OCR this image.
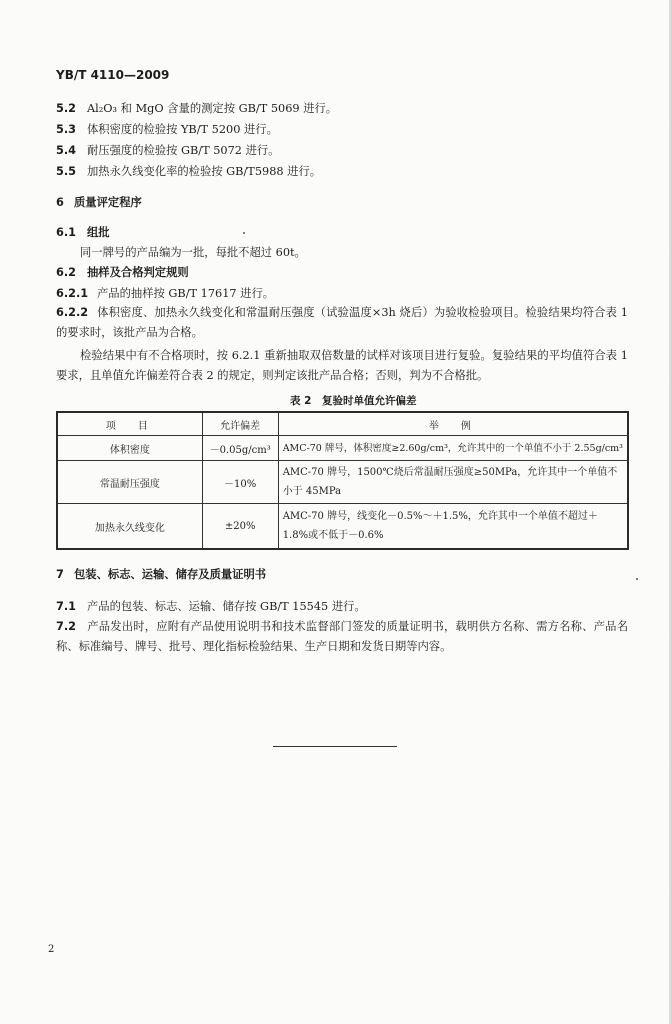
YB/T 4110—2009
5.2 Al₂O₃ 和 MgO 含量的测定按 GB/T 5069 进行。
5.3 体积密度的检验按 YB/T 5200 进行。
5.4 耐压强度的检验按 GB/T 5072 进行。
5.5 加热永久线变化率的检验按 GB/T5988 进行。
6 质量评定程序
6.1 组批
同一牌号的产品编为一批，每批不超过 60t。
6.2 抽样及合格判定规则
6.2.1 产品的抽样按 GB/T 17617 进行。
6.2.2 体积密度、加热永久线变化和常温耐压强度（试验温度×3h 烧后）为验收检验项目。检验结果均符合表 1 的要求时，该批产品为合格。
检验结果中有不合格项时，按 6.2.1 重新抽取双倍数量的试样对该项目进行复验。复验结果的平均值符合表 1 要求，且单值允许偏差符合表 2 的规定，则判定该批产品合格；否则，判为不合格批。
表 2　复验时单值允许偏差
项　目	允许偏差	举　例
体积密度	－0.05g/cm³	AMC-70 牌号，体积密度≥2.60g/cm³，允许其中的一个单值不小于 2.55g/cm³
常温耐压强度	－10%	AMC-70 牌号，1500℃烧后常温耐压强度≥50MPa，允许其中一个单值不小于 45MPa
加热永久线变化	±20%	AMC-70 牌号，线变化－0.5%～＋1.5%，允许其中一个单值不超过＋1.8%或不低于－0.6%
7 包装、标志、运输、储存及质量证明书
7.1 产品的包装、标志、运输、储存按 GB/T 15545 进行。
7.2 产品发出时，应附有产品使用说明书和技术监督部门签发的质量证明书，载明供方名称、需方名称、产品名称、标准编号、牌号、批号、理化指标检验结果、生产日期和发货日期等内容。
2
